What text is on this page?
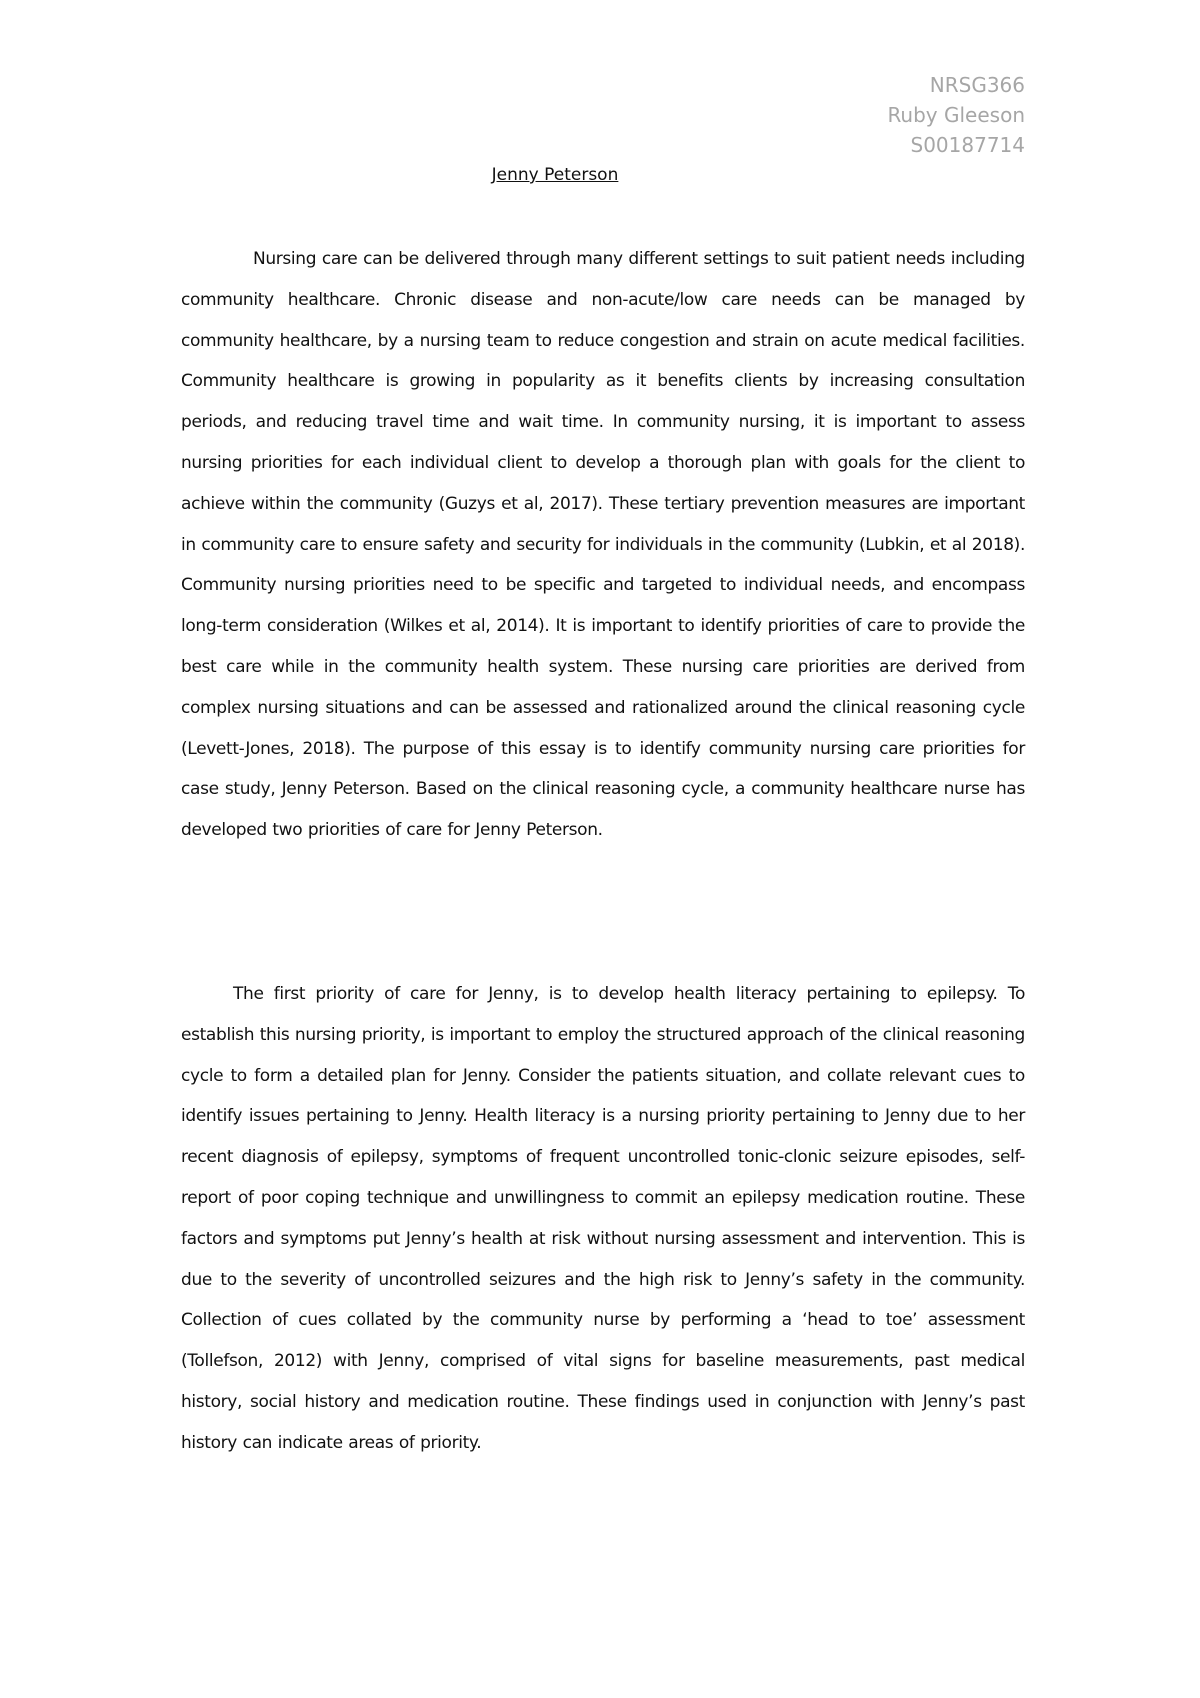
NRSG366
Ruby Gleeson
S00187714
Jenny Peterson

Nursing care can be delivered through many different settings to suit patient needs including community healthcare. Chronic disease and non-acute/low care needs can be managed by community healthcare, by a nursing team to reduce congestion and strain on acute medical facilities. Community healthcare is growing in popularity as it benefits clients by increasing consultation periods, and reducing travel time and wait time. In community nursing, it is important to assess nursing priorities for each individual client to develop a thorough plan with goals for the client to achieve within the community (Guzys et al, 2017). These tertiary prevention measures are important in community care to ensure safety and security for individuals in the community (Lubkin, et al 2018). Community nursing priorities need to be specific and targeted to individual needs, and encompass long-term consideration (Wilkes et al, 2014). It is important to identify priorities of care to provide the best care while in the community health system. These nursing care priorities are derived from complex nursing situations and can be assessed and rationalized around the clinical reasoning cycle (Levett-Jones, 2018). The purpose of this essay is to identify community nursing care priorities for case study, Jenny Peterson. Based on the clinical reasoning cycle, a community healthcare nurse has developed two priorities of care for Jenny Peterson.

The first priority of care for Jenny, is to develop health literacy pertaining to epilepsy. To establish this nursing priority, is important to employ the structured approach of the clinical reasoning cycle to form a detailed plan for Jenny. Consider the patients situation, and collate relevant cues to identify issues pertaining to Jenny. Health literacy is a nursing priority pertaining to Jenny due to her recent diagnosis of epilepsy, symptoms of frequent uncontrolled tonic-clonic seizure episodes, self-report of poor coping technique and unwillingness to commit an epilepsy medication routine. These factors and symptoms put Jenny’s health at risk without nursing assessment and intervention. This is due to the severity of uncontrolled seizures and the high risk to Jenny’s safety in the community. Collection of cues collated by the community nurse by performing a ‘head to toe’ assessment (Tollefson, 2012) with Jenny, comprised of vital signs for baseline measurements, past medical history, social history and medication routine. These findings used in conjunction with Jenny’s past history can indicate areas of priority.
